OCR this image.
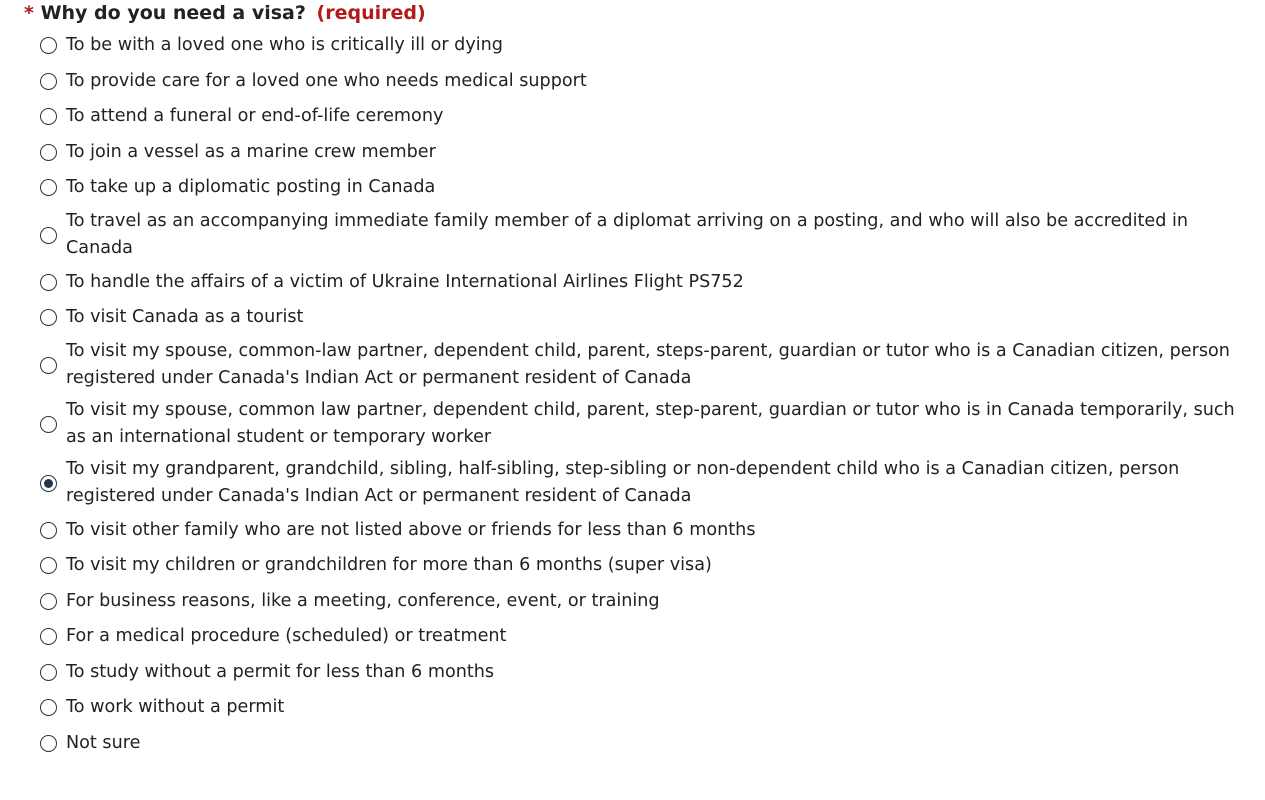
* Why do you need a visa? (required)
To be with a loved one who is critically ill or dying
To provide care for a loved one who needs medical support
To attend a funeral or end-of-life ceremony
To join a vessel as a marine crew member
To take up a diplomatic posting in Canada
To travel as an accompanying immediate family member of a diplomat arriving on a posting, and who will also be accredited in Canada
To handle the affairs of a victim of Ukraine International Airlines Flight PS752
To visit Canada as a tourist
To visit my spouse, common-law partner, dependent child, parent, steps-parent, guardian or tutor who is a Canadian citizen, person registered under Canada's Indian Act or permanent resident of Canada
To visit my spouse, common law partner, dependent child, parent, step-parent, guardian or tutor who is in Canada temporarily, such as an international student or temporary worker
To visit my grandparent, grandchild, sibling, half-sibling, step-sibling or non-dependent child who is a Canadian citizen, person registered under Canada's Indian Act or permanent resident of Canada
To visit other family who are not listed above or friends for less than 6 months
To visit my children or grandchildren for more than 6 months (super visa)
For business reasons, like a meeting, conference, event, or training
For a medical procedure (scheduled) or treatment
To study without a permit for less than 6 months
To work without a permit
Not sure
